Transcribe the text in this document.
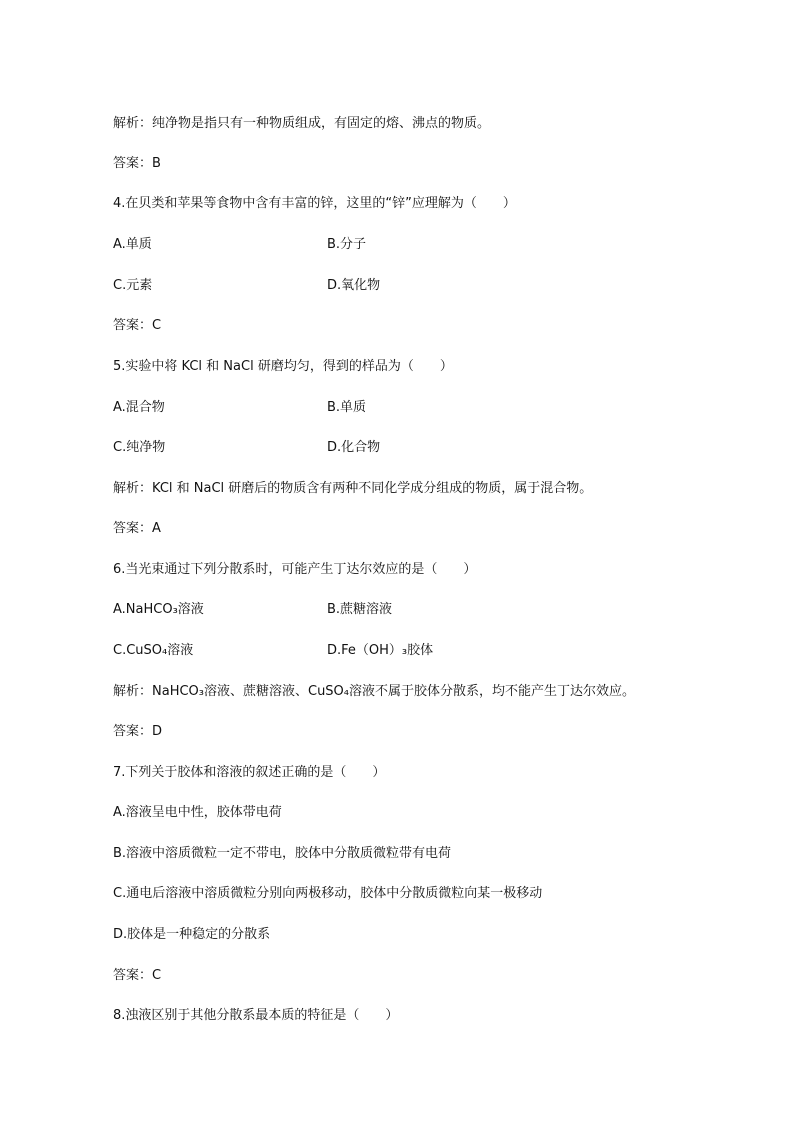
解析：纯净物是指只有一种物质组成，有固定的熔、沸点的物质。
答案：B
4.在贝类和苹果等食物中含有丰富的锌，这里的“锌”应理解为（　　）
A.单质	B.分子
C.元素	D.氧化物
答案：C
5.实验中将 KCl 和 NaCl 研磨均匀，得到的样品为（　　）
A.混合物	B.单质
C.纯净物	D.化合物
解析：KCl 和 NaCl 研磨后的物质含有两种不同化学成分组成的物质，属于混合物。
答案：A
6.当光束通过下列分散系时，可能产生丁达尔效应的是（　　）
A.NaHCO₃溶液	B.蔗糖溶液
C.CuSO₄溶液	D.Fe（OH）₃胶体
解析：NaHCO₃溶液、蔗糖溶液、CuSO₄溶液不属于胶体分散系，均不能产生丁达尔效应。
答案：D
7.下列关于胶体和溶液的叙述正确的是（　　）
A.溶液呈电中性，胶体带电荷
B.溶液中溶质微粒一定不带电，胶体中分散质微粒带有电荷
C.通电后溶液中溶质微粒分别向两极移动，胶体中分散质微粒向某一极移动
D.胶体是一种稳定的分散系
答案：C
8.浊液区别于其他分散系最本质的特征是（　　）
